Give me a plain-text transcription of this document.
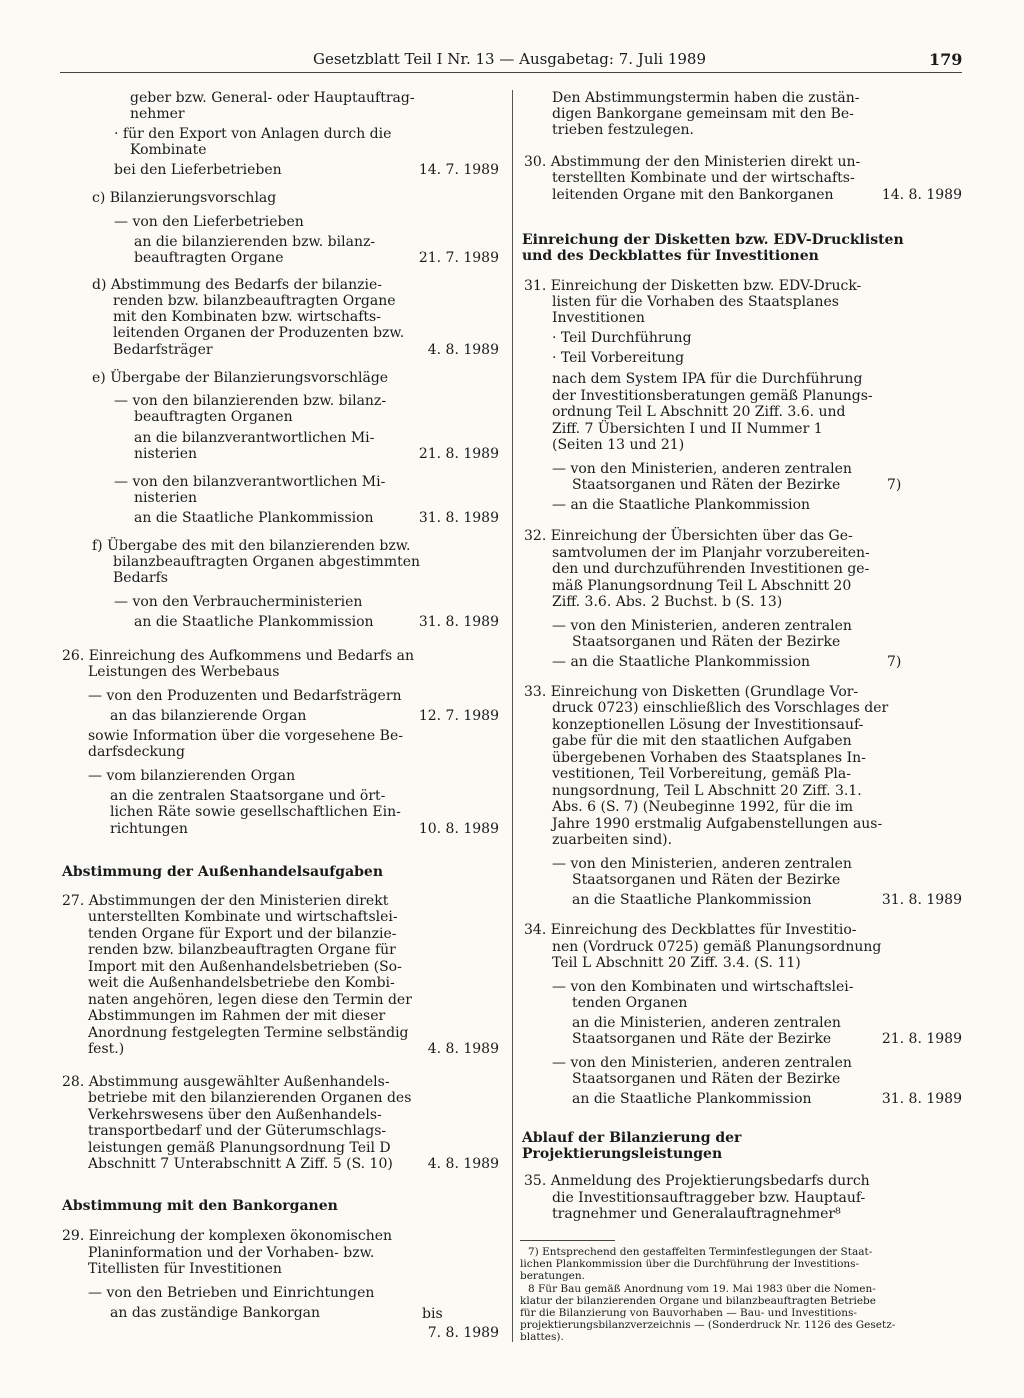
Gesetzblatt Teil I Nr. 13 — Ausgabetag: 7. Juli 1989	179
geber bzw. General- oder Hauptauftrag-
nehmer
· für den Export von Anlagen durch die
Kombinate
bei den Lieferbetrieben	14. 7. 1989
c) Bilanzierungsvorschlag
— von den Lieferbetrieben
an die bilanzierenden bzw. bilanz-
beauftragten Organe	21. 7. 1989
d) Abstimmung des Bedarfs der bilanzie-
renden bzw. bilanzbeauftragten Organe
mit den Kombinaten bzw. wirtschafts-
leitenden Organen der Produzenten bzw.
Bedarfsträger	4. 8. 1989
e) Übergabe der Bilanzierungsvorschläge
— von den bilanzierenden bzw. bilanz-
beauftragten Organen
an die bilanzverantwortlichen Mi-
nisterien	21. 8. 1989
— von den bilanzverantwortlichen Mi-
nisterien
an die Staatliche Plankommission	31. 8. 1989
f) Übergabe des mit den bilanzierenden bzw.
bilanzbeauftragten Organen abgestimmten
Bedarfs
— von den Verbraucherministerien
an die Staatliche Plankommission	31. 8. 1989
26. Einreichung des Aufkommens und Bedarfs an
Leistungen des Werbebaus
— von den Produzenten und Bedarfsträgern
an das bilanzierende Organ	12. 7. 1989
sowie Information über die vorgesehene Be-
darfsdeckung
— vom bilanzierenden Organ
an die zentralen Staatsorgane und ört-
lichen Räte sowie gesellschaftlichen Ein-
richtungen	10. 8. 1989
Abstimmung der Außenhandelsaufgaben
27. Abstimmungen der den Ministerien direkt
unterstellten Kombinate und wirtschaftslei-
tenden Organe für Export und der bilanzie-
renden bzw. bilanzbeauftragten Organe für
Import mit den Außenhandelsbetrieben (So-
weit die Außenhandelsbetriebe den Kombi-
naten angehören, legen diese den Termin der
Abstimmungen im Rahmen der mit dieser
Anordnung festgelegten Termine selbständig
fest.)	4. 8. 1989
28. Abstimmung ausgewählter Außenhandels-
betriebe mit den bilanzierenden Organen des
Verkehrswesens über den Außenhandels-
transportbedarf und der Güterumschlags-
leistungen gemäß Planungsordnung Teil D
Abschnitt 7 Unterabschnitt A Ziff. 5 (S. 10) 4. 8. 1989
Abstimmung mit den Bankorganen
29. Einreichung der komplexen ökonomischen
Planinformation und der Vorhaben- bzw.
Titellisten für Investitionen
— von den Betrieben und Einrichtungen
an das zuständige Bankorgan	bis
7. 8. 1989
Den Abstimmungstermin haben die zustän-
digen Bankorgane gemeinsam mit den Be-
trieben festzulegen.
30. Abstimmung der den Ministerien direkt un-
terstellten Kombinate und der wirtschafts-
leitenden Organe mit den Bankorganen	14. 8. 1989
Einreichung der Disketten bzw. EDV-Drucklisten
und des Deckblattes für Investitionen
31. Einreichung der Disketten bzw. EDV-Druck-
listen für die Vorhaben des Staatsplanes
Investitionen
· Teil Durchführung
· Teil Vorbereitung
nach dem System IPA für die Durchführung
der Investitionsberatungen gemäß Planungs-
ordnung Teil L Abschnitt 20 Ziff. 3.6. und
Ziff. 7 Übersichten I und II Nummer 1
(Seiten 13 und 21)
— von den Ministerien, anderen zentralen
Staatsorganen und Räten der Bezirke	7)
— an die Staatliche Plankommission
32. Einreichung der Übersichten über das Ge-
samtvolumen der im Planjahr vorzubereiten-
den und durchzuführenden Investitionen ge-
mäß Planungsordnung Teil L Abschnitt 20
Ziff. 3.6. Abs. 2 Buchst. b (S. 13)
— von den Ministerien, anderen zentralen
Staatsorganen und Räten der Bezirke
— an die Staatliche Plankommission	7)
33. Einreichung von Disketten (Grundlage Vor-
druck 0723) einschließlich des Vorschlages der
konzeptionellen Lösung der Investitionsauf-
gabe für die mit den staatlichen Aufgaben
übergebenen Vorhaben des Staatsplanes In-
vestitionen, Teil Vorbereitung, gemäß Pla-
nungsordnung, Teil L Abschnitt 20 Ziff. 3.1.
Abs. 6 (S. 7) (Neubeginne 1992, für die im
Jahre 1990 erstmalig Aufgabenstellungen aus-
zuarbeiten sind).
— von den Ministerien, anderen zentralen
Staatsorganen und Räten der Bezirke
an die Staatliche Plankommission	31. 8. 1989
34. Einreichung des Deckblattes für Investitio-
nen (Vordruck 0725) gemäß Planungsordnung
Teil L Abschnitt 20 Ziff. 3.4. (S. 11)
— von den Kombinaten und wirtschaftslei-
tenden Organen
an die Ministerien, anderen zentralen
Staatsorganen und Räte der Bezirke	21. 8. 1989
— von den Ministerien, anderen zentralen
Staatsorganen und Räten der Bezirke
an die Staatliche Plankommission	31. 8. 1989
Ablauf der Bilanzierung der
Projektierungsleistungen
35. Anmeldung des Projektierungsbedarfs durch
die Investitionsauftraggeber bzw. Hauptauf-
tragnehmer und Generalauftragnehmer⁸
7) Entsprechend den gestaffelten Terminfestlegungen der Staat-
lichen Plankommission über die Durchführung der Investitions-
beratungen.
8 Für Bau gemäß Anordnung vom 19. Mai 1983 über die Nomen-
klatur der bilanzierenden Organe und bilanzbeauftragten Betriebe
für die Bilanzierung von Bauvorhaben — Bau- und Investitions-
projektierungsbilanzverzeichnis — (Sonderdruck Nr. 1126 des Gesetz-
blattes).
